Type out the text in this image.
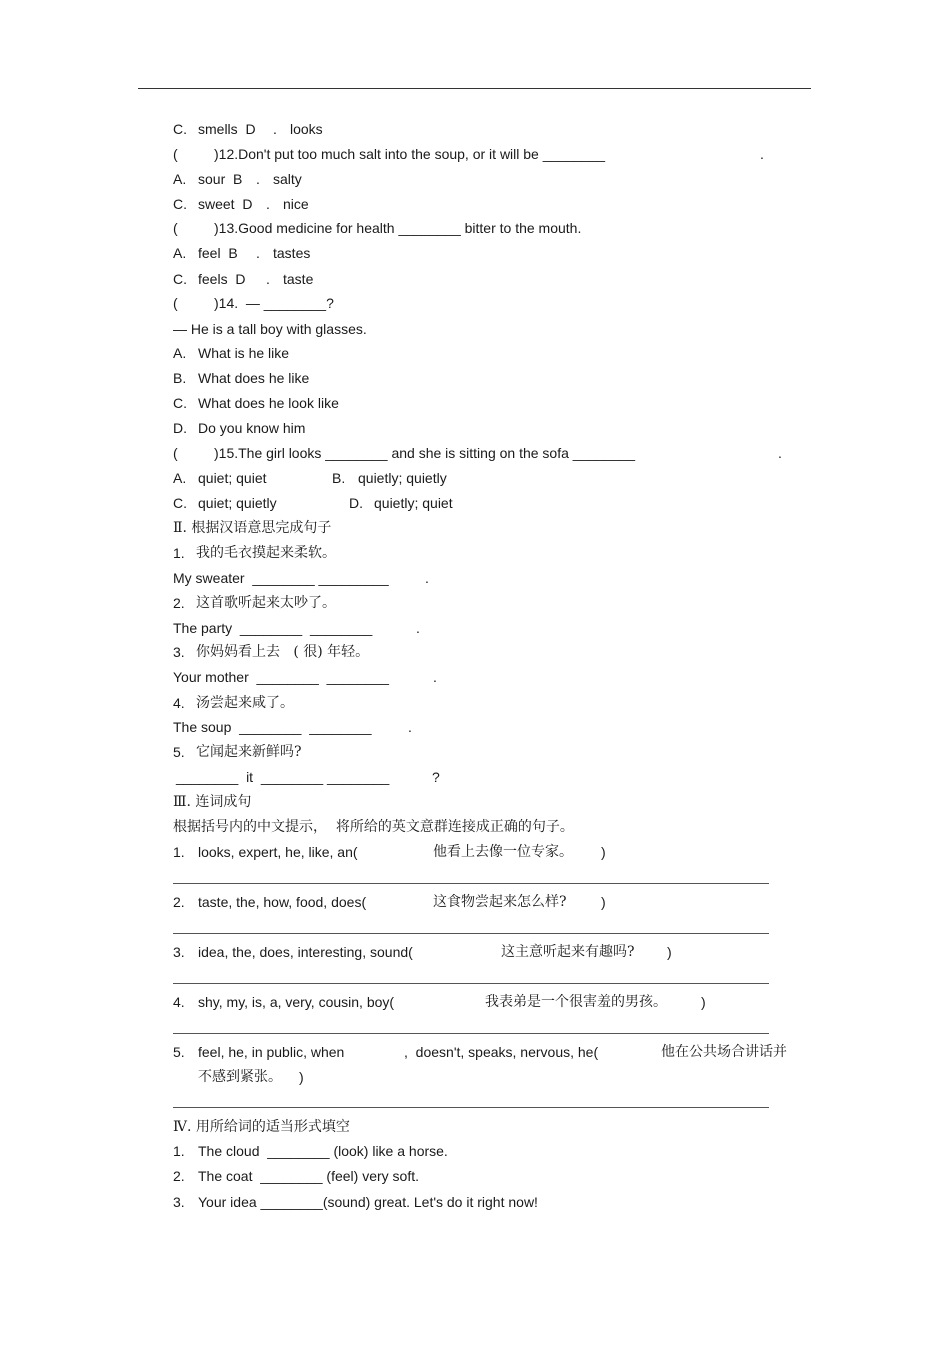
C. smells  D . looks
(	)12.Don't put too much salt into the soup, or it will be ________	.
A. sour  B . salty
C. sweet  D . nice
(	)13.Good medicine for health ________ bitter to the mouth.
A. feel  B . tastes
C. feels  D . taste
(	)14.  — ________?
— He is a tall boy with glasses.
A. What is he like
B. What does he like
C. What does he look like
D. Do you know him
(	)15.The girl looks ________ and she is sitting on the sofa ________	.
A. quiet; quiet	B. quietly; quietly
C. quiet; quietly	D. quietly; quiet
Ⅱ. 根据汉语意思完成句子
1. 我的毛衣摸起来柔软。
My sweater  ________ _________	.
2. 这首歌听起来太吵了。
The party  ________  ________	.
3. 你妈妈看上去   ( 很) 年轻。
Your mother  ________  ________	.
4. 汤尝起来咸了。
The soup  ________  ________	.
5. 它闻起来新鲜吗?
________  it  ________ ________	?
Ⅲ. 连词成句
根据括号内的中文提示，  将所给的英文意群连接成正确的句子。
1. looks, expert, he, like, an(	他看上去像一位专家。 )
2. taste, the, how, food, does(	这食物尝起来怎么样? )
3. idea, the, does, interesting, sound(	这主意听起来有趣吗? )
4. shy, my, is, a, very, cousin, boy(	我表弟是一个很害羞的男孩。 )
5. feel, he, in public, when	,  doesn't, speaks, nervous, he(	他在公共场合讲话并
不感到紧张。 )
Ⅳ. 用所给词的适当形式填空
1. The cloud  ________ (look) like a horse.
2. The coat  ________ (feel) very soft.
3. Your idea ________(sound) great. Let's do it right now!
